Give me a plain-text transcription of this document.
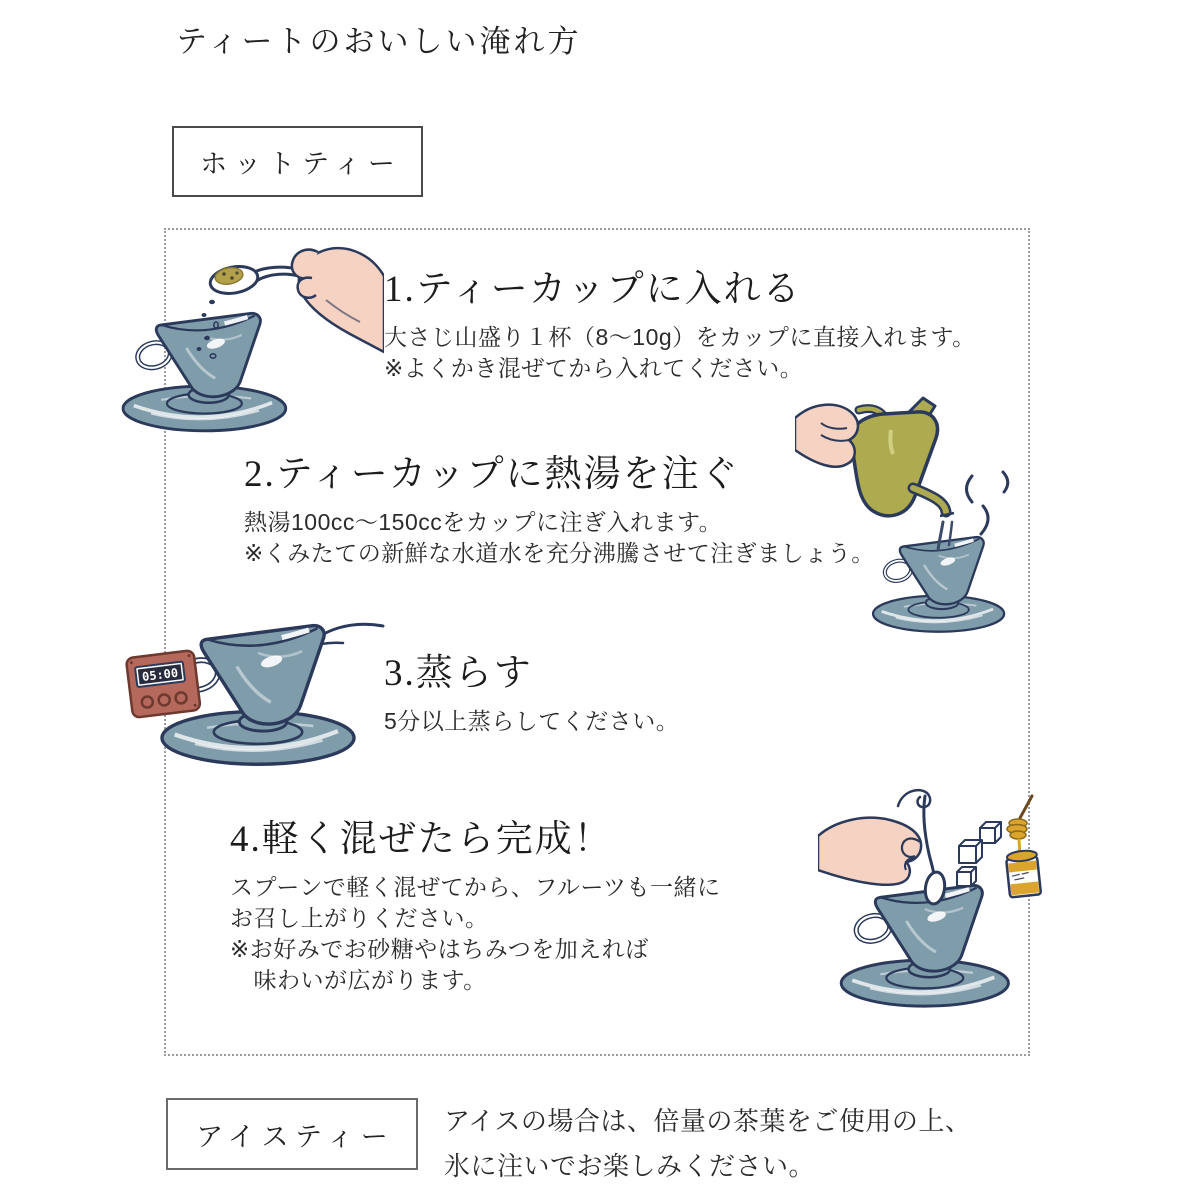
ティートのおいしい淹れ方
ホットティー
05:00
1.ティーカップに入れる
大さじ山盛り１杯（8～10g）をカップに直接入れます。
※よくかき混ぜてから入れてください。
2.ティーカップに熱湯を注ぐ
熱湯100cc～150ccをカップに注ぎ入れます。
※くみたての新鮮な水道水を充分沸騰させて注ぎましょう。
3.蒸らす
5分以上蒸らしてください。
4.軽く混ぜたら完成！
スプーンで軽く混ぜてから、フルーツも一緒に
お召し上がりください。
※お好みでお砂糖やはちみつを加えれば
　味わいが広がります。
アイスティー
アイスの場合は、倍量の茶葉をご使用の上、
氷に注いでお楽しみください。
